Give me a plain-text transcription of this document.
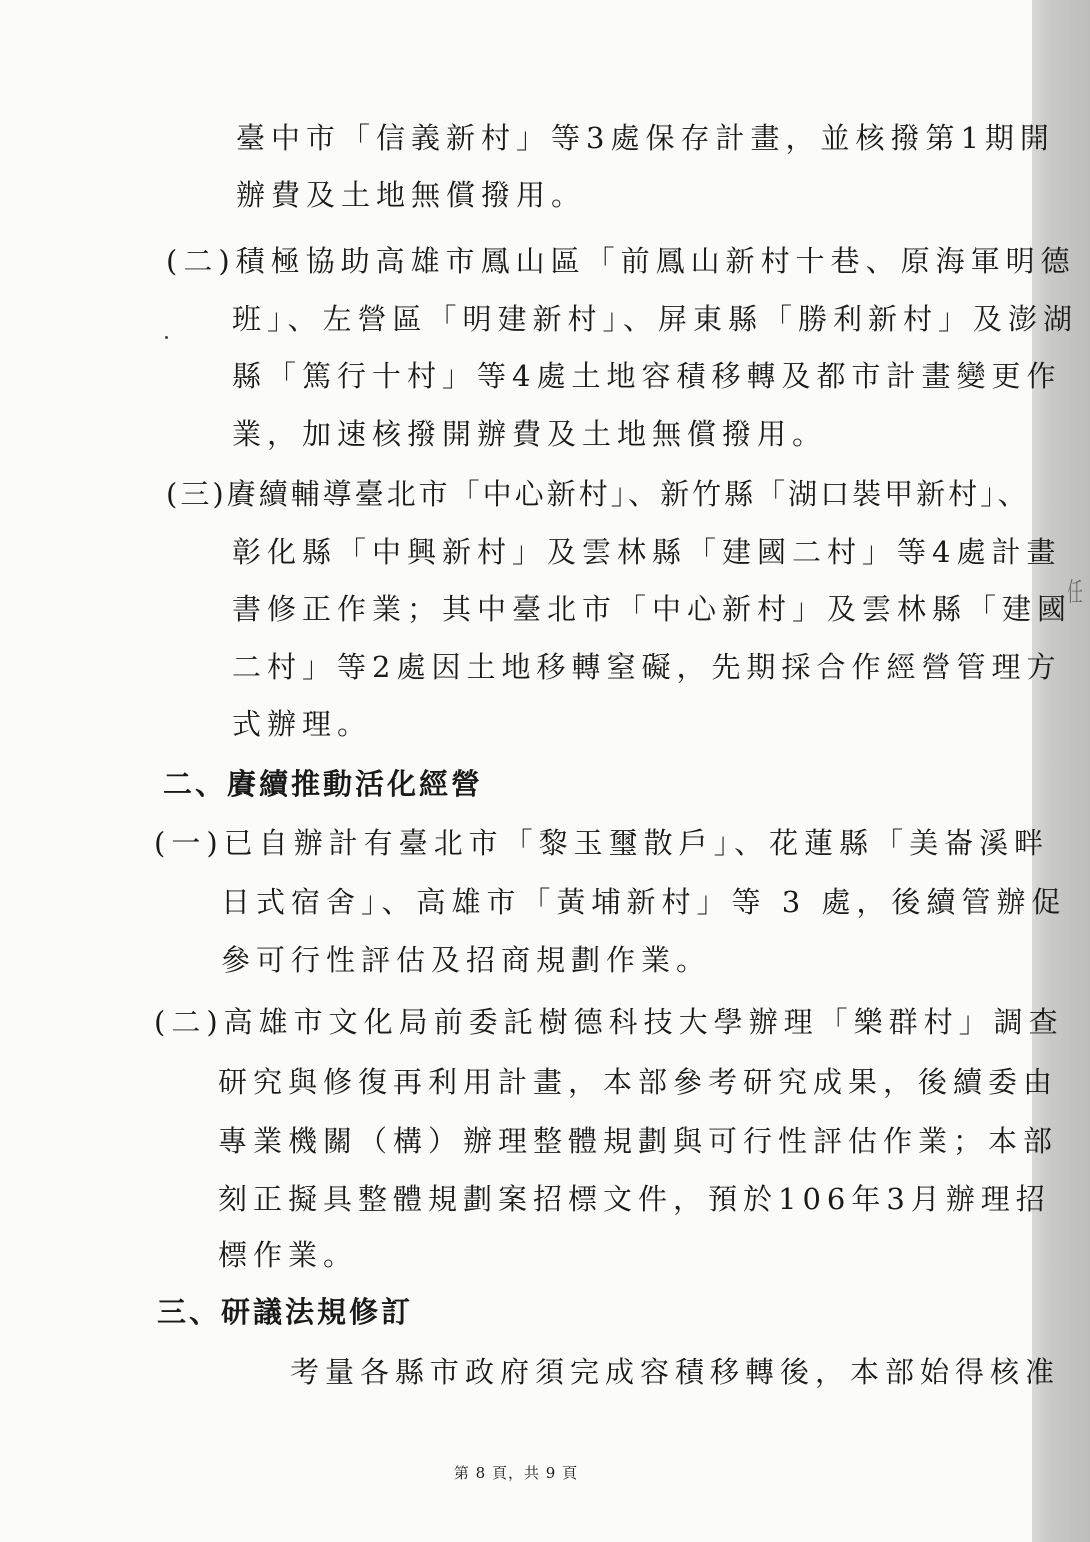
任
臺中市「信義新村」等3處保存計畫，並核撥第1期開
辦費及土地無償撥用。
(二)積極協助高雄市鳳山區「前鳳山新村十巷、原海軍明德
班」、左營區「明建新村」、屏東縣「勝利新村」及澎湖
縣「篤行十村」等4處土地容積移轉及都市計畫變更作
業，加速核撥開辦費及土地無償撥用。
(三)賡續輔導臺北市「中心新村」、新竹縣「湖口裝甲新村」、
彰化縣「中興新村」及雲林縣「建國二村」等4處計畫
書修正作業；其中臺北市「中心新村」及雲林縣「建國
二村」等2處因土地移轉窒礙，先期採合作經營管理方
式辦理。
二、賡續推動活化經營
(一)已自辦計有臺北市「黎玉璽散戶」、花蓮縣「美崙溪畔
日式宿舍」、高雄市「黃埔新村」等 3 處，後續管辦促
參可行性評估及招商規劃作業。
(二)高雄市文化局前委託樹德科技大學辦理「樂群村」調查
研究與修復再利用計畫，本部參考研究成果，後續委由
專業機關（構）辦理整體規劃與可行性評估作業；本部
刻正擬具整體規劃案招標文件，預於106年3月辦理招
標作業。
三、研議法規修訂
考量各縣市政府須完成容積移轉後，本部始得核准
第 8 頁，共 9 頁
